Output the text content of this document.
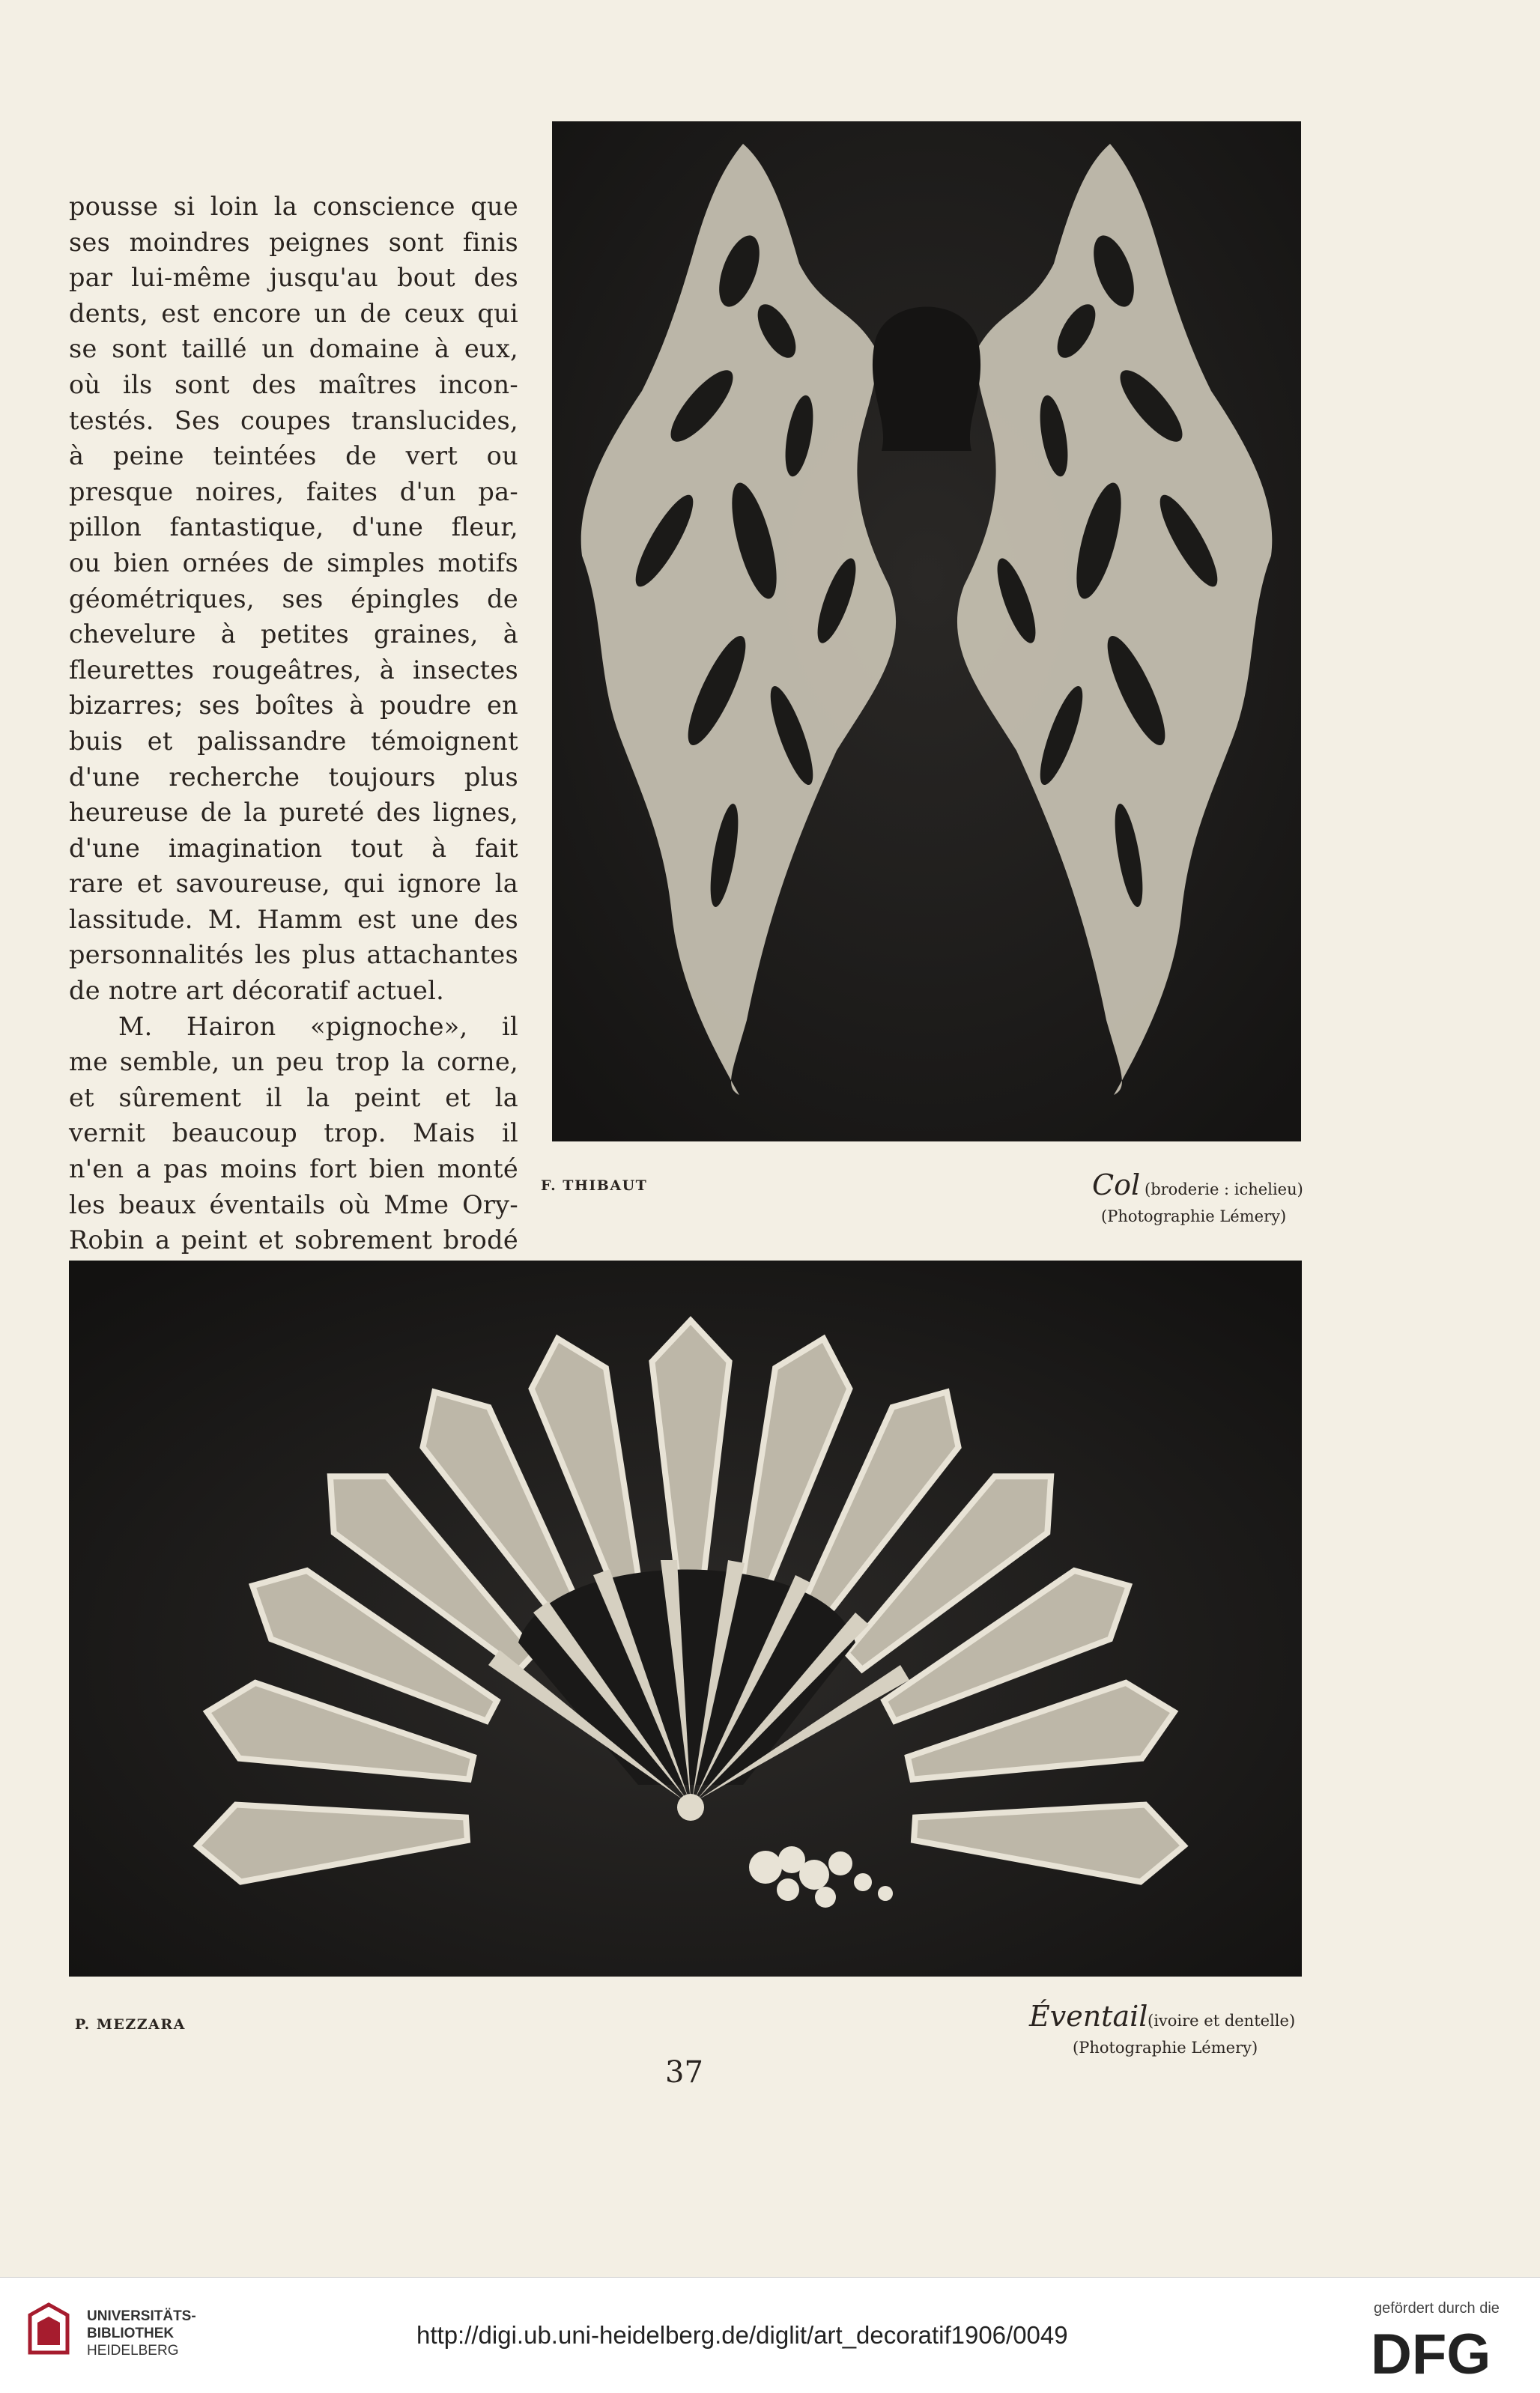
pousse si loin la conscience que
ses moindres peignes sont finis
par lui-même jusqu'au bout des
dents, est encore un de ceux qui
se sont taillé un domaine à eux,
où ils sont des maîtres incon-
testés. Ses coupes translucides,
à peine teintées de vert ou
presque noires, faites d'un pa-
pillon fantastique, d'une fleur,
ou bien ornées de simples motifs
géométriques, ses épingles de
chevelure à petites graines, à
fleurettes rougeâtres, à insectes
bizarres; ses boîtes à poudre en
buis et palissandre témoignent
d'une recherche toujours plus
heureuse de la pureté des lignes,
d'une imagination tout à fait
rare et savoureuse, qui ignore la
lassitude. M. Hamm est une des
personnalités les plus attachantes
de notre art décoratif actuel.
M. Hairon «pignoche», il
me semble, un peu trop la corne,
et sûrement il la peint et la
vernit beaucoup trop. Mais il
n'en a pas moins fort bien monté
les beaux éventails où Mme Ory-
Robin a peint et sobrement brodé
F. THIBAUT	Col (broderie : ichelieu)
(Photographie Lémery)
P. MEZZARA	Éventail (ivoire et dentelle)
(Photographie Lémery)
37
UNIVERSITÄTS-
BIBLIOTHEK
HEIDELBERG
http://digi.ub.uni-heidelberg.de/diglit/art_decoratif1906/0049
gefördert durch die
DFG
